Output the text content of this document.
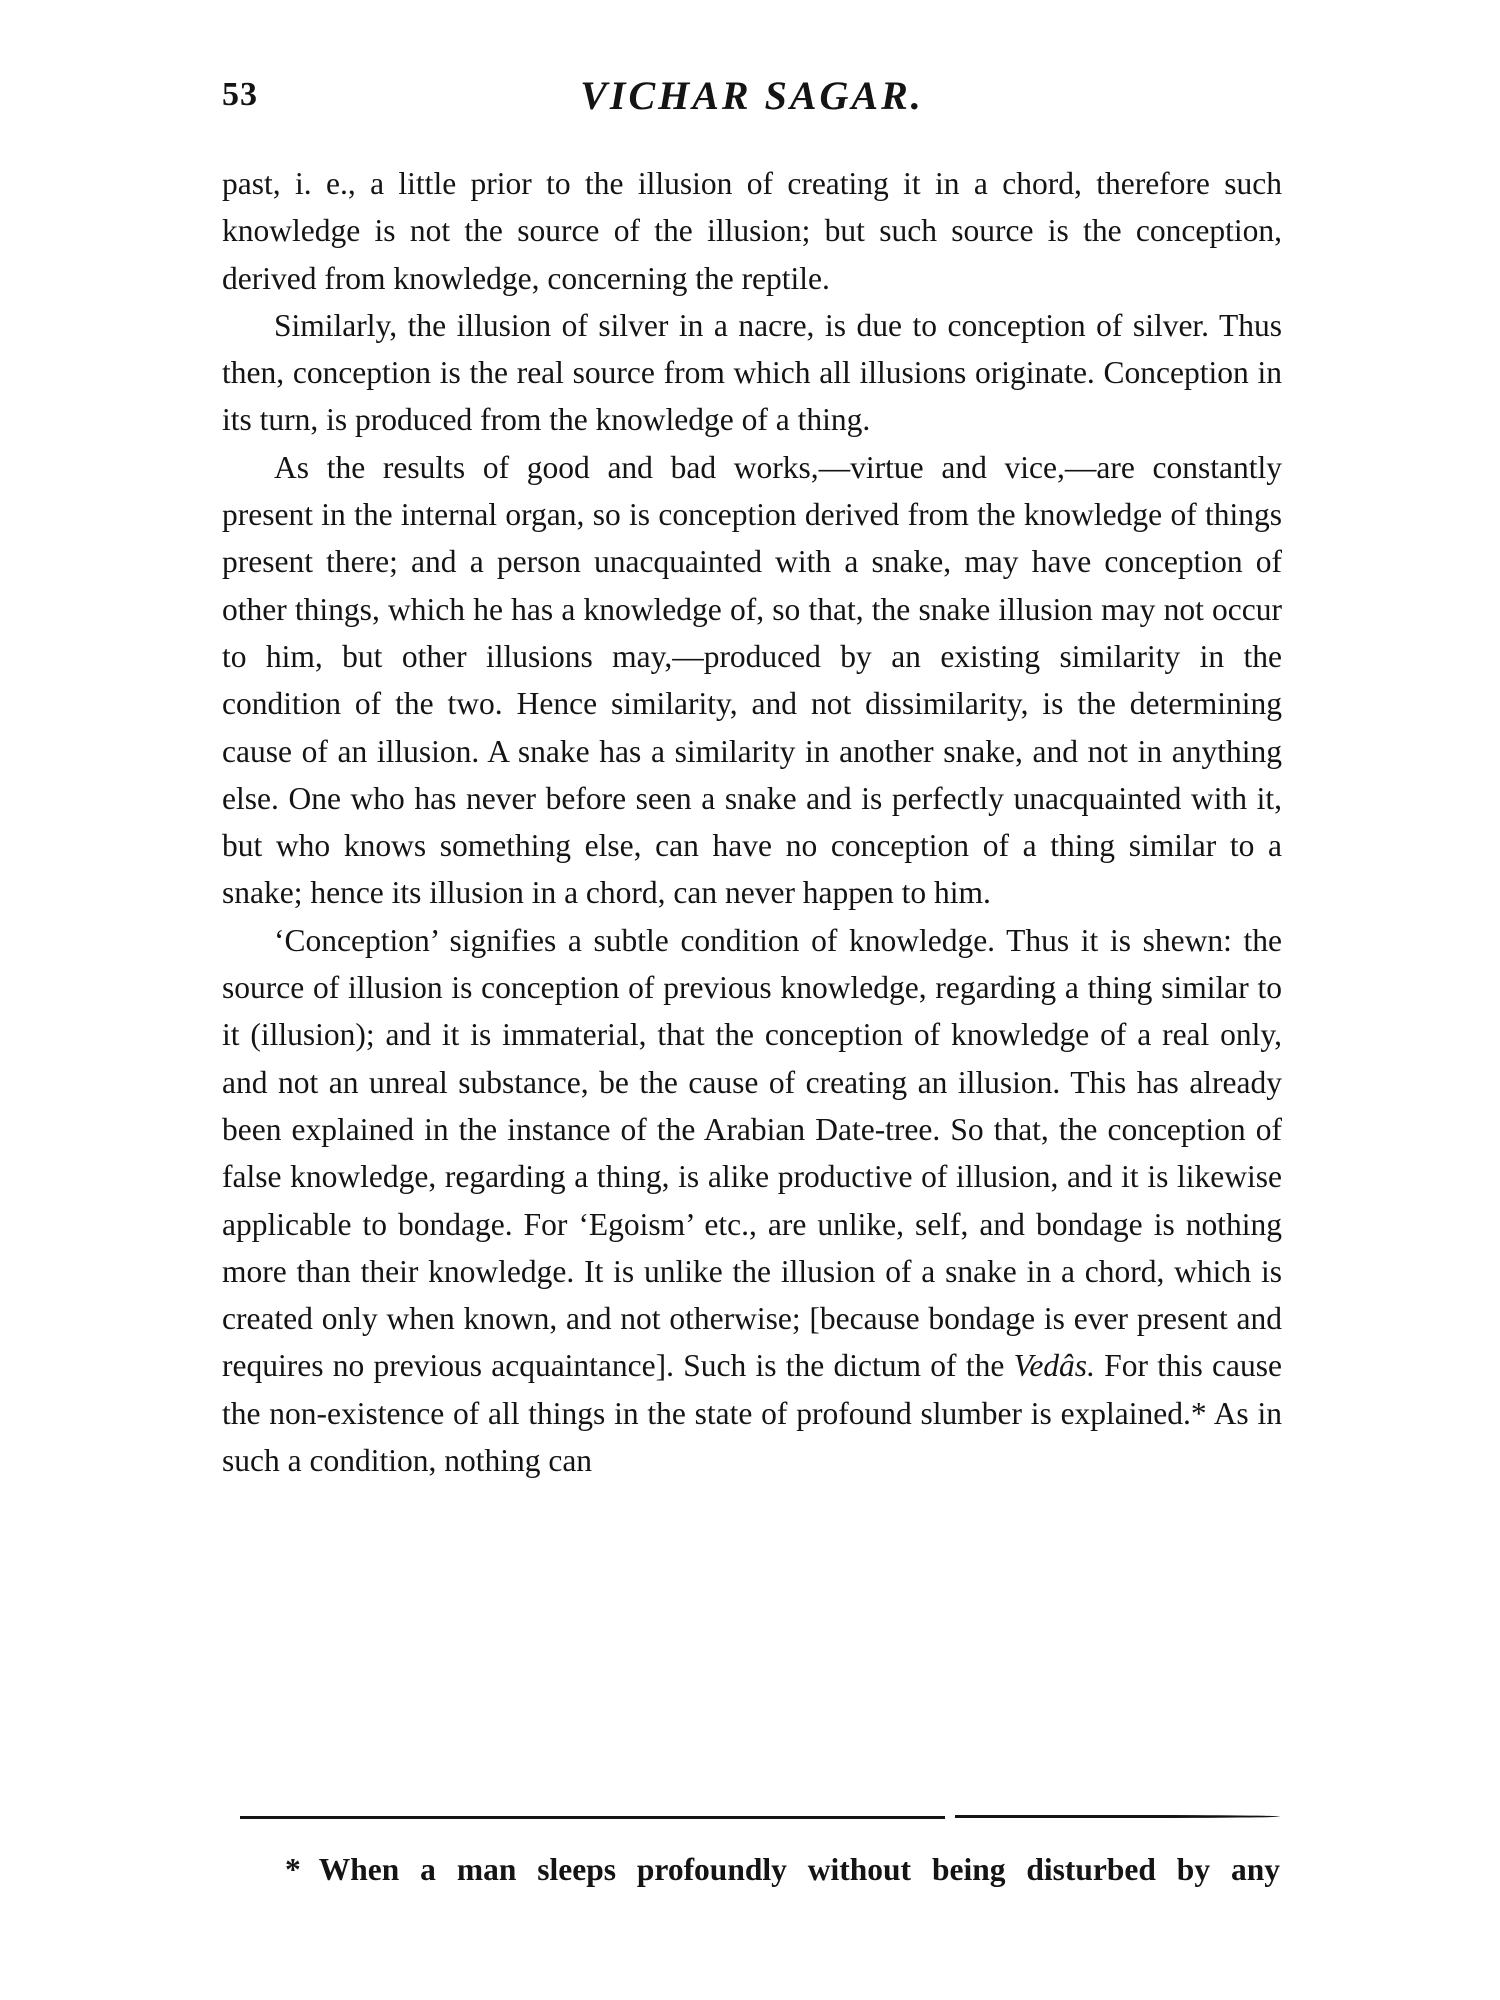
53	VICHAR SAGAR.

past, i. e., a little prior to the illusion of creating it in a chord, therefore such knowledge is not the source of the illusion; but such source is the conception, derived from knowledge, concerning the reptile.

Similarly, the illusion of silver in a nacre, is due to conception of silver. Thus then, conception is the real source from which all illusions originate. Conception in its turn, is produced from the knowledge of a thing.

As the results of good and bad works,—virtue and vice,—are constantly present in the internal organ, so is conception derived from the knowledge of things present there; and a person unacquainted with a snake, may have conception of other things, which he has a knowledge of, so that, the snake illusion may not occur to him, but other illusions may,—produced by an existing similarity in the condition of the two. Hence similarity, and not dissimilarity, is the determining cause of an illusion. A snake has a similarity in another snake, and not in anything else. One who has never before seen a snake and is perfectly unacquainted with it, but who knows something else, can have no conception of a thing similar to a snake; hence its illusion in a chord, can never happen to him.

‘Conception’ signifies a subtle condition of knowledge. Thus it is shewn: the source of illusion is conception of previous knowledge, regarding a thing similar to it (illusion); and it is immaterial, that the conception of knowledge of a real only, and not an unreal substance, be the cause of creating an illusion. This has already been explained in the instance of the Arabian Date-tree. So that, the conception of false knowledge, regarding a thing, is alike productive of illusion, and it is likewise applicable to bondage. For ‘Egoism’ etc., are unlike, self, and bondage is nothing more than their knowledge. It is unlike the illusion of a snake in a chord, which is created only when known, and not otherwise; [because bondage is ever present and requires no previous acquaintance]. Such is the dictum of the Vedâs. For this cause the non-existence of all things in the state of profound slumber is explained.* As in such a condition, nothing can

* When a man sleeps profoundly without being disturbed by any
